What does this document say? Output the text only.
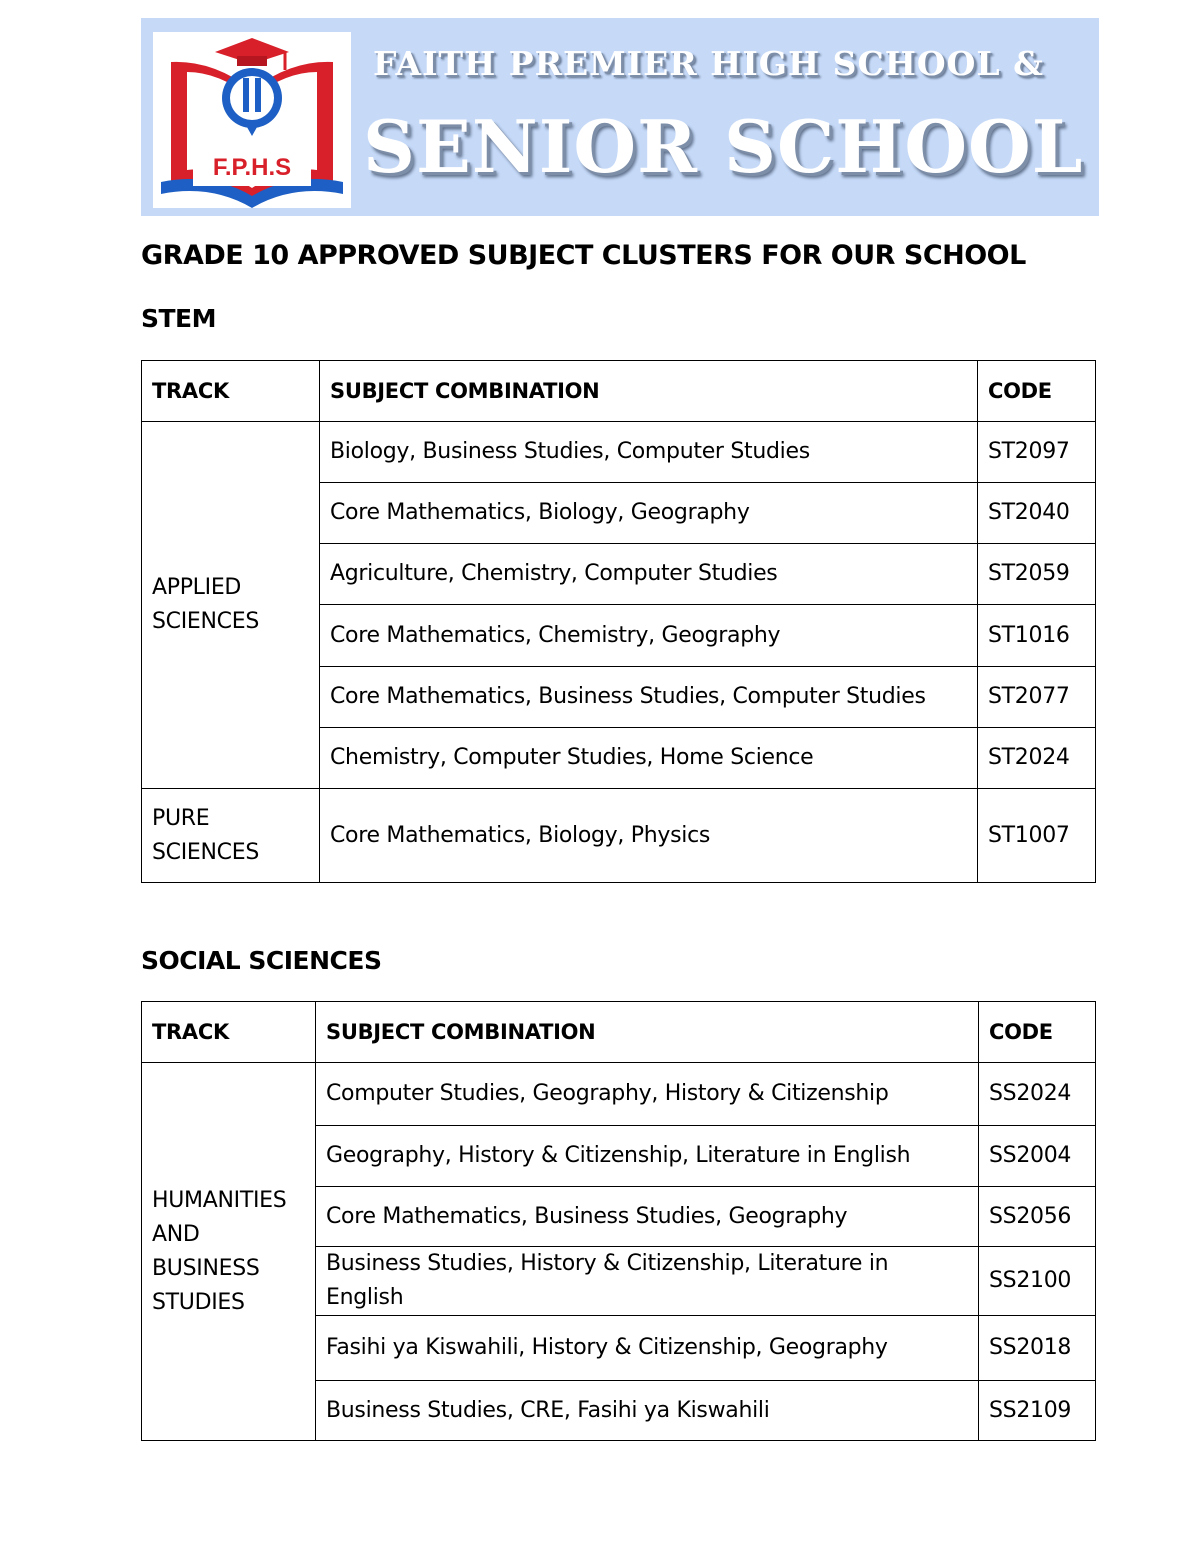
F.P.H.S
FAITH PREMIER HIGH SCHOOL &
SENIOR SCHOOL
GRADE 10 APPROVED SUBJECT CLUSTERS FOR OUR SCHOOL
STEM
TRACK	SUBJECT COMBINATION	CODE
APPLIED SCIENCES	Biology, Business Studies, Computer Studies	ST2097
	Core Mathematics, Biology, Geography	ST2040
	Agriculture, Chemistry, Computer Studies	ST2059
	Core Mathematics, Chemistry, Geography	ST1016
	Core Mathematics, Business Studies, Computer Studies	ST2077
	Chemistry, Computer Studies, Home Science	ST2024
PURE SCIENCES	Core Mathematics, Biology, Physics	ST1007
SOCIAL SCIENCES
TRACK	SUBJECT COMBINATION	CODE
HUMANITIES AND BUSINESS STUDIES	Computer Studies, Geography, History & Citizenship	SS2024
	Geography, History & Citizenship, Literature in English	SS2004
	Core Mathematics, Business Studies, Geography	SS2056
	Business Studies, History & Citizenship, Literature in English	SS2100
	Fasihi ya Kiswahili, History & Citizenship, Geography	SS2018
	Business Studies, CRE, Fasihi ya Kiswahili	SS2109
